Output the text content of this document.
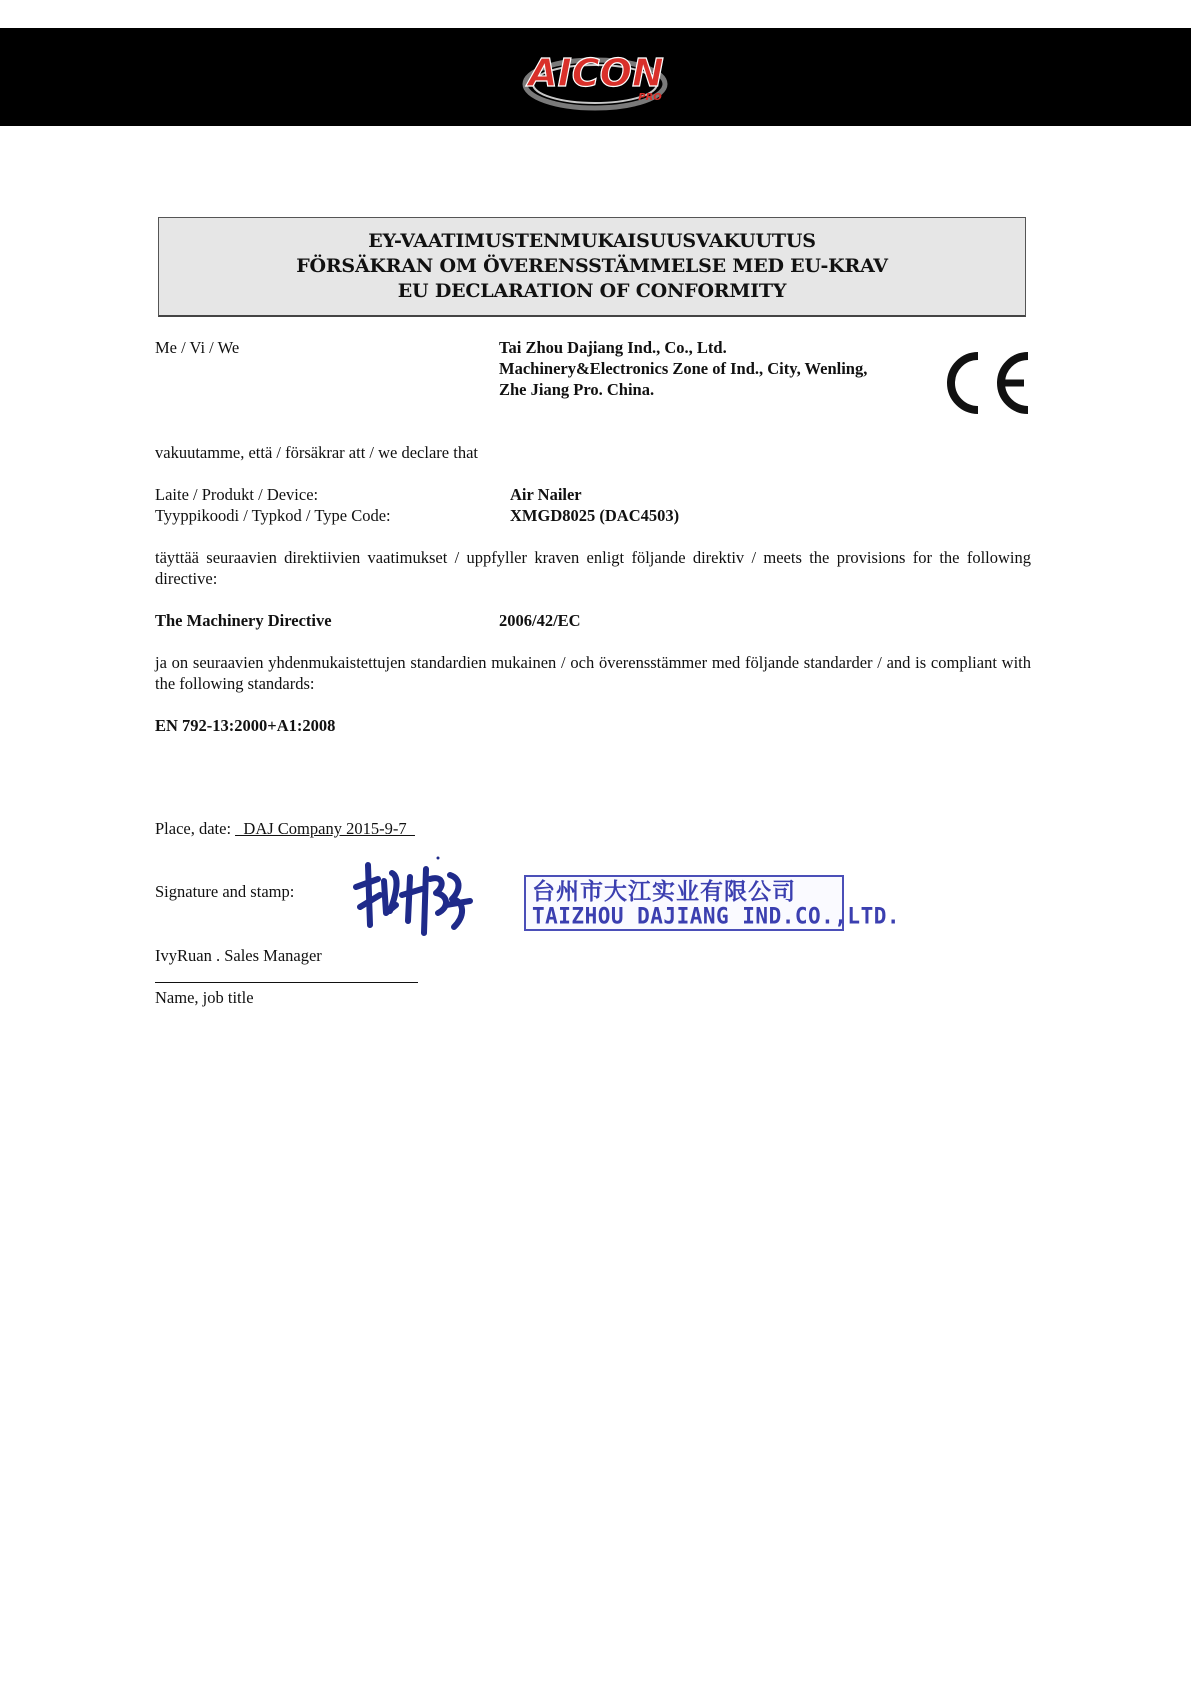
AICON
PRO
EY-VAATIMUSTENMUKAISUUSVAKUUTUS
FÖRSÄKRAN OM ÖVERENSSTÄMMELSE MED EU-KRAV
EU DECLARATION OF CONFORMITY
Me / Vi / We	Tai Zhou Dajiang Ind., Co., Ltd.
Machinery&Electronics Zone of Ind., City, Wenling,
Zhe Jiang Pro. China.
vakuutamme, että / försäkrar att / we declare that
Laite / Produkt / Device:	Air Nailer
Tyyppikoodi / Typkod / Type Code:	XMGD8025 (DAC4503)
täyttää seuraavien direktiivien vaatimukset / uppfyller kraven enligt följande direktiv / meets the provisions for the following directive:
The Machinery Directive	2006/42/EC
ja on seuraavien yhdenmukaistettujen standardien mukainen / och överensstämmer med följande standarder / and is compliant with the following standards:
EN 792-13:2000+A1:2008
Place, date: _DAJ Company 2015-9-7_
Signature and stamp:	台州市大江实业有限公司
TAIZHOU DAJIANG IND.CO.,LTD.
IvyRuan . Sales Manager
Name, job title
